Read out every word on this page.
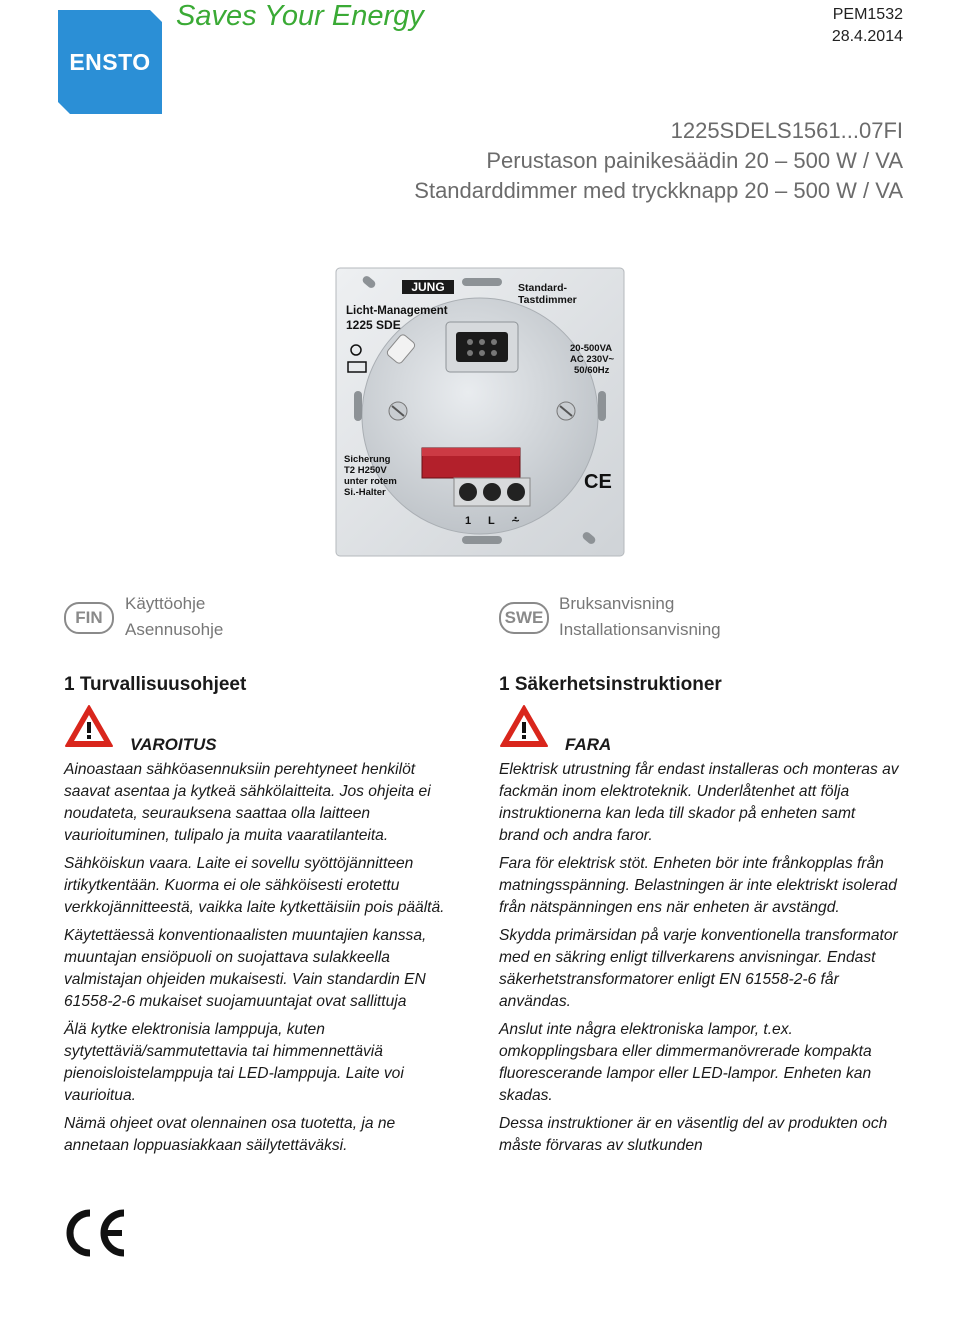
ENSTO
Saves Your Energy	PEM1532
28.4.2014
1225SDELS1561...07FI
Perustason painikesäädin 20 – 500 W / VA
Standarddimmer med tryckknapp 20 – 500 W / VA
JUNG
Licht-Management
1225 SDE
Standard-
Tastdimmer
20-500VA
AC 230V~
50/60Hz
Sicherung
T2 H250V
unter rotem
Si.-Halter
1 L ⩪
CE
FIN
Käyttöohje
Asennusohje
SWE
Bruksanvisning
Installationsanvisning
1 Turvallisuusohjeet	1 Säkerhetsinstruktioner
VAROITUS	FARA

Ainoastaan sähköasennuksiin perehtyneet henkilöt saavat asentaa ja kytkeä sähkölaitteita. Jos ohjeita ei noudateta, seurauksena saattaa olla laitteen vaurioituminen, tulipalo ja muita vaaratilanteita.

Sähköiskun vaara. Laite ei sovellu syöttöjännitteen irtikytkentään. Kuorma ei ole sähköisesti erotettu verkkojännitteestä, vaikka laite kytkettäisiin pois päältä.

Käytettäessä konventionaalisten muuntajien kanssa, muuntajan ensiöpuoli on suojattava sulakkeella valmistajan ohjeiden mukaisesti. Vain standardin EN 61558-2-6 mukaiset suojamuuntajat ovat sallittuja

Älä kytke elektronisia lamppuja, kuten sytytettäviä/sammutettavia tai himmennettäviä pienoisloistelamppuja tai LED-lamppuja. Laite voi vaurioitua.

Nämä ohjeet ovat olennainen osa tuotetta, ja ne annetaan loppuasiakkaan säilytettäväksi.

Elektrisk utrustning får endast installeras och monteras av fackmän inom elektroteknik. Underlåtenhet att följa instruktionerna kan leda till skador på enheten samt brand och andra faror.

Fara för elektrisk stöt. Enheten bör inte frånkopplas från matningsspänning. Belastningen är inte elektriskt isolerad från nätspänningen ens när enheten är avstängd.

Skydda primärsidan på varje konventionella transformator med en säkring enligt tillverkarens anvisningar. Endast säkerhetstransformatorer enligt EN 61558-2-6 får användas.

Anslut inte några elektroniska lampor, t.ex. omkopplingsbara eller dimmermanövrerade kompakta fluorescerande lampor eller LED-lampor. Enheten kan skadas.

Dessa instruktioner är en väsentlig del av produkten och måste förvaras av slutkunden
